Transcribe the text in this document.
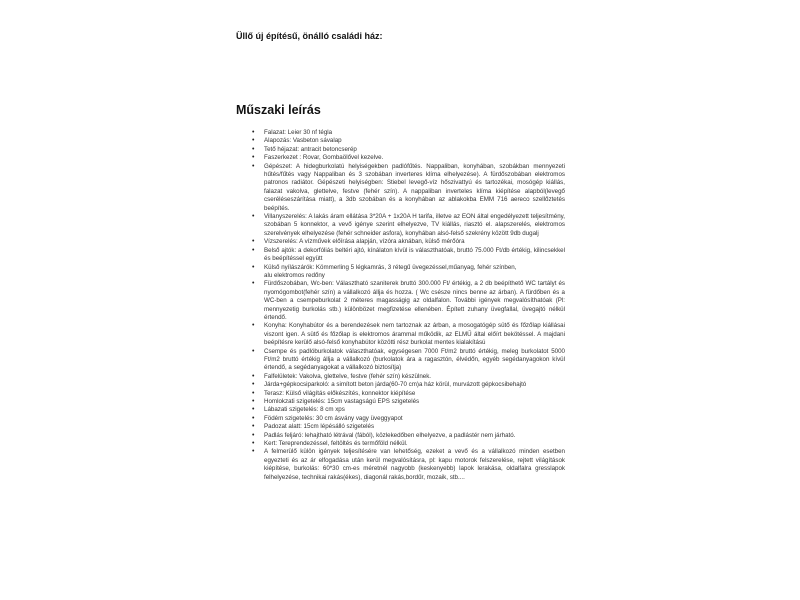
Üllő új építésű, önálló családi ház:
Műszaki leírás
• Falazat: Leier 30 nf tégla
• Alapozás: Vasbeton sávalap
• Tető héjazat: antracit betoncserép
• Faszerkezet : Rovar, Gombaölővel kezelve.
• Gépészet: A hidegburkolatú helyiségekben padlófűtés. Nappaliban, konyhában, szobákban mennyezeti hűtés/fűtés vagy Nappaliban és 3 szobában inverteres klíma elhelyezése). A fürdőszobában elektromos patronos radiátor. Gépészeti helyiségben: Stiebel levegő-víz hőszivattyú és tartozékai, mosógép kiállás, falazat vakolva, glettelve, festve (fehér szín). A nappaliban inverteles klíma kiépítése alapból(levegő cseréléseszárítása miatt), a 3db szobában és a konyhában az ablakokba EMM 716 aereco szellőztetés beépítés.
• Villanyszerelés: A lakás áram ellátása 3*20A + 1x20A H tarifa, illetve az EON által engedélyezett teljesítmény, szobában 5 konnektor, a vevő igénye szerint elhelyezve, TV kiállás, riasztó el. alapszerelés, elektromos szerelvények elhelyezése (fehér schneider asfora), konyhában alsó-felső szekrény között 9db dugalj
• Vízszerelés: A vízművek előírása alapján, vízóra aknában, külső mérőóra
• Belső ajtók: a dekorfóliás beltéri ajtó, kínálaton kívül is választhatóak, bruttó 75.000 Ft/db értékig, kilincsekkel és beépítéssel együtt
• Külső nyílászárók: Kömmerling 5 légkamrás, 3 rétegű üvegezéssel,műanyag, fehér színben,
alu elektromos redőny
• Fürdőszobában, Wc-ben: Választható szaniterek bruttó 300.000 Ft/ értékig, a 2 db beépíthető WC tartályt és nyomógombot(fehér szín) a vállalkozó állja és hozza. ( Wc csésze nincs benne az árban). A fürdőben és a WC-ben a csempeburkolat 2 méteres magasságig az oldalfalon. További igények megvalósíthatóak (Pl: mennyezetig burkolás stb.) különbözet megfizetése ellenében. Épített zuhany üvegfallal, üvegajtó nélkül értendő.
• Konyha: Konyhabútor és a berendezések nem tartoznak az árban, a mosogatógép sütő és főzőlap kiállásai viszont igen. A sütő és főzőlap is elektromos árammal működik, az ELMŰ által előírt bekötéssel. A majdani beépítésre kerülő alsó-felső konyhabútor közötti rész burkolat mentes kialakítású
• Csempe és padlóburkolatok választhatóak, egységesen 7000 Ft/m2 bruttó értékig, meleg burkolatot 5000 Ft/m2 bruttó értékig állja a vállalkozó (burkolatok ára a ragasztón, élvédőn, egyéb segédanyagokon kívül értendő, a segédanyagokat a vállalkozó biztosítja)
• Falfelületek: Vakolva, glettelve, festve (fehér szín) készülnek.
• Járda+gépkocsiparkoló: a simított beton járda(60-70 cm)a ház körül, murvázott gépkocsibehajtó
• Terasz: Külső világítás előkészítés, konnektor kiépítése
• Homlokzati szigetelés: 15cm vastagságú EPS szigetelés
• Lábazati szigetelés: 8 cm xps
• Födém szigetelés: 30 cm ásvány vagy üveggyapot
• Padozat alatt: 15cm lépésálló szigetelés
• Padlás feljáró: lehajtható létrával (fából), közlekedőben elhelyezve, a padlástér nem járható.
• Kert: Tereprendezéssel, feltöltés és termőföld nélkül.
• A felmerülő külön igények teljesítésére van lehetőség, ezeket a vevő és a vállalkozó minden esetben egyezteti és az ár elfogadása után kerül megvalósításra, pl: kapu motorok felszerelése, rejtett világítások kiépítése, burkolás: 60*30 cm-es méretnél nagyobb (keskenyebb) lapok lerakása, oldalfalra gresslapok felhelyezése, technikai rakás(ékes), diagonál rakás,bordűr, mozaik, stb....
